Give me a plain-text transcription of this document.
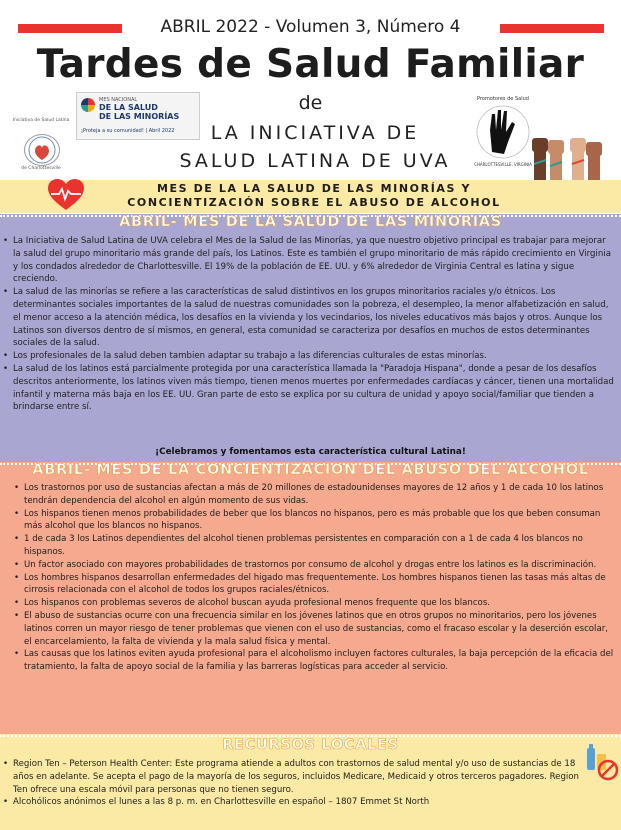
ABRIL 2022 - Volumen 3, Número 4
Tardes de Salud Familiar
de
LA INICIATIVA DE
SALUD LATINA DE UVA
Iniciativa de Salud Latina
de Charlottesville
MES NACIONAL
DE LA SALUD
DE LAS MINORÍAS
¡Proteja a su comunidad! | Abril 2022
Promotores de Salud
CHARLOTTESVILLE, VIRGINIA
MES DE LA LA SALUD DE LAS MINORÍAS Y
CONCIENTIZACIÓN SOBRE EL ABUSO DE ALCOHOL
ABRIL- MES DE LA SALUD DE LAS MINORIAS
• La Iniciativa de Salud Latina de UVA celebra el Mes de la Salud de las Minorías, ya que nuestro objetivo principal es trabajar para mejorar la salud del grupo minoritario más grande del país, los Latinos. Este es también el grupo minoritario de más rápido crecimiento en Virginia y los condados alrededor de Charlottesville. El 19% de la población de EE. UU. y 6% alrededor de Virginia Central es latina y sigue creciendo.
• La salud de las minorías se refiere a las características de salud distintivos en los grupos minoritarios raciales y/o étnicos. Los determinantes sociales importantes de la salud de nuestras comunidades son la pobreza, el desempleo, la menor alfabetización en salud, el menor acceso a la atención médica, los desafíos en la vivienda y los vecindarios, los niveles educativos más bajos y otros. Aunque los Latinos son diversos dentro de sí mismos, en general, esta comunidad se caracteriza por desafíos en muchos de estos determinantes sociales de la salud.
• Los profesionales de la salud deben tambien adaptar su trabajo a las diferencias culturales de estas minorías.
• La salud de los latinos está parcialmente protegida por una característica llamada la "Paradoja Hispana", donde a pesar de los desafíos descritos anteriormente, los latinos viven más tiempo, tienen menos muertes por enfermedades cardíacas y cáncer, tienen una mortalidad infantil y materna más baja en los EE. UU. Gran parte de esto se explica por su cultura de unidad y apoyo social/familiar que tienden a brindarse entre sí.
¡Celebramos y fomentamos esta característica cultural Latina!
ABRIL- MES DE LA CONCIENTIZACION DEL ABUSO DEL ALCOHOL
• Los trastornos por uso de sustancias afectan a más de 20 millones de estadounidenses mayores de 12 años y 1 de cada 10 los latinos tendrán dependencia del alcohol en algún momento de sus vidas.
• Los hispanos tienen menos probabilidades de beber que los blancos no hispanos, pero es más probable que los que beben consuman más alcohol que los blancos no hispanos.
• 1 de cada 3 los Latinos dependientes del alcohol tienen problemas persistentes en comparación con a 1 de cada 4 los blancos no hispanos.
• Un factor asociado con mayores probabilidades de trastornos por consumo de alcohol y drogas entre los latinos es la discriminación.
• Los hombres hispanos desarrollan enfermedades del higado mas frequentemente. Los hombres hispanos tienen las tasas más altas de cirrosis relacionada con el alcohol de todos los grupos raciales/étnicos.
• Los hispanos con problemas severos de alcohol buscan ayuda profesional menos frequente que los blancos.
• El abuso de sustancias ocurre con una frecuencia similar en los jóvenes latinos que en otros grupos no minoritarios, pero los jóvenes latinos corren un mayor riesgo de tener problemas que vienen con el uso de sustancias, como el fracaso escolar y la deserción escolar, el encarcelamiento, la falta de vivienda y la mala salud física y mental.
• Las causas que los latinos eviten ayuda profesional para el alcoholismo incluyen factores culturales, la baja percepción de la eficacia del tratamiento, la falta de apoyo social de la familia y las barreras logísticas para acceder al servicio.
RECURSOS LOCALES
• Region Ten – Peterson Health Center: Este programa atiende a adultos con trastornos de salud mental y/o uso de sustancias de 18 años en adelante. Se acepta el pago de la mayoría de los seguros, incluidos Medicare, Medicaid y otros terceros pagadores. Region Ten ofrece una escala móvil para personas que no tienen seguro.
• Alcohólicos anónimos el lunes a las 8 p. m. en Charlottesville en español – 1807 Emmet St North
